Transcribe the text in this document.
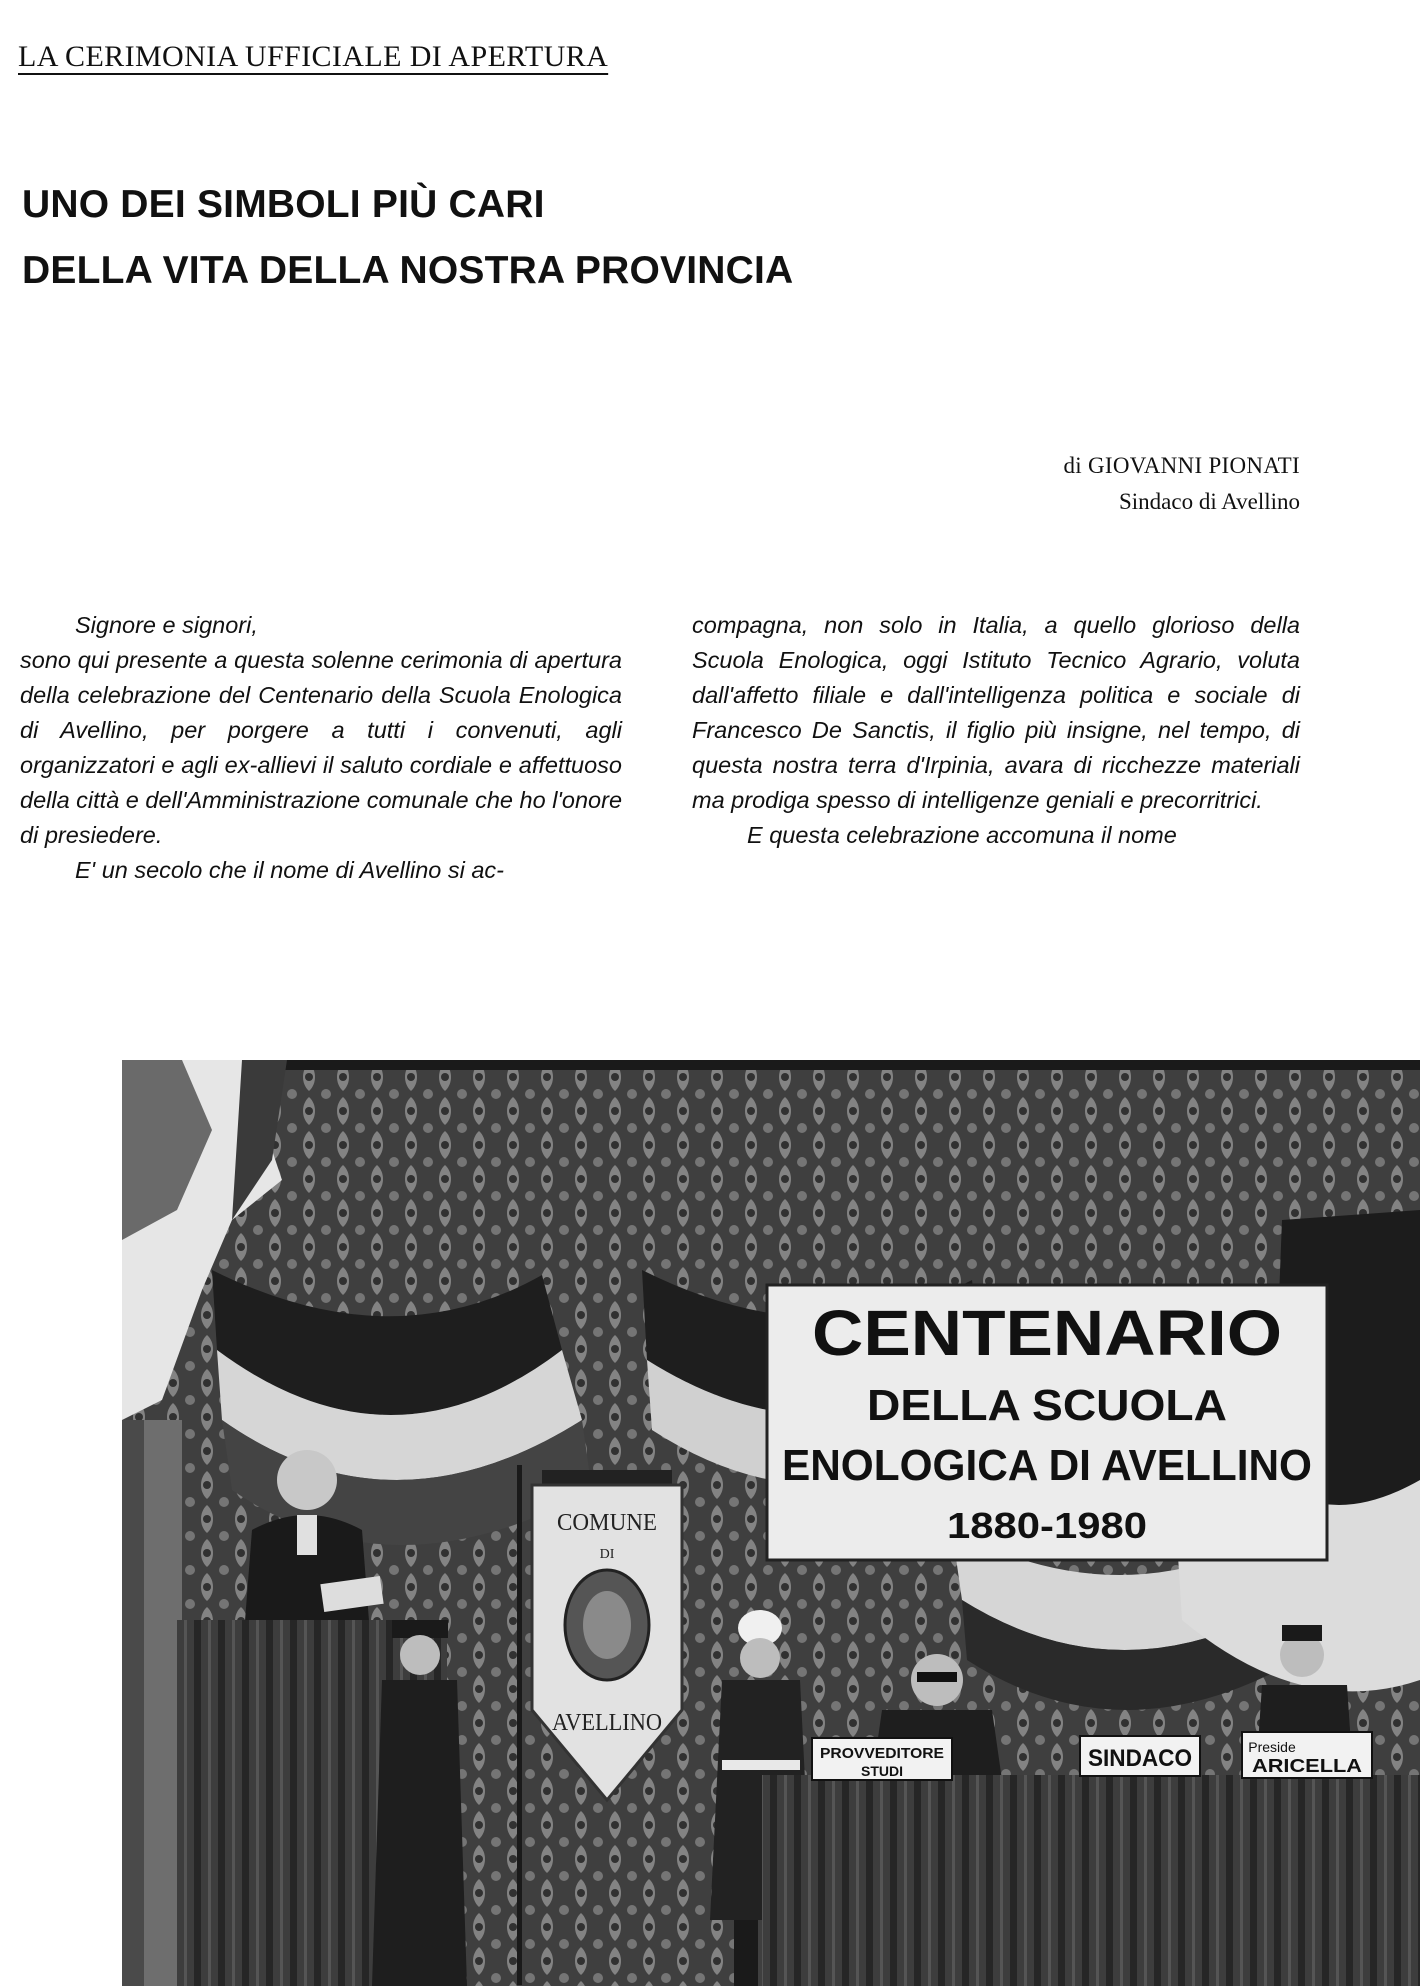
LA CERIMONIA UFFICIALE DI APERTURA
UNO DEI SIMBOLI PIÙ CARI
DELLA VITA DELLA NOSTRA PROVINCIA
di GIOVANNI PIONATI
Sindaco di Avellino

Signore e signori,

sono qui presente a questa solenne cerimonia di apertura della celebrazione del Centenario della Scuola Enologica di Avellino, per porgere a tutti i convenuti, agli organizzatori e agli ex-allievi il saluto cordiale e affettuoso della città e dell'Amministrazione comunale che ho l'onore di presiedere.

E' un secolo che il nome di Avellino si ac-

compagna, non solo in Italia, a quello glorioso della Scuola Enologica, oggi Istituto Tecnico Agrario, voluta dall'affetto filiale e dall'intelligenza politica e sociale di Francesco De Sanctis, il figlio più insigne, nel tempo, di questa nostra terra d'Irpinia, avara di ricchezze materiali ma prodiga spesso di intelligenze geniali e precorritrici.

E questa celebrazione accomuna il nome

CENTENARIO
DELLA SCUOLA
ENOLOGICA DI AVELLINO
1880-1980
COMUNE
DI
AVELLINO
PROVVEDITORE
STUDI	SINDACO	Preside
ARICELLA
